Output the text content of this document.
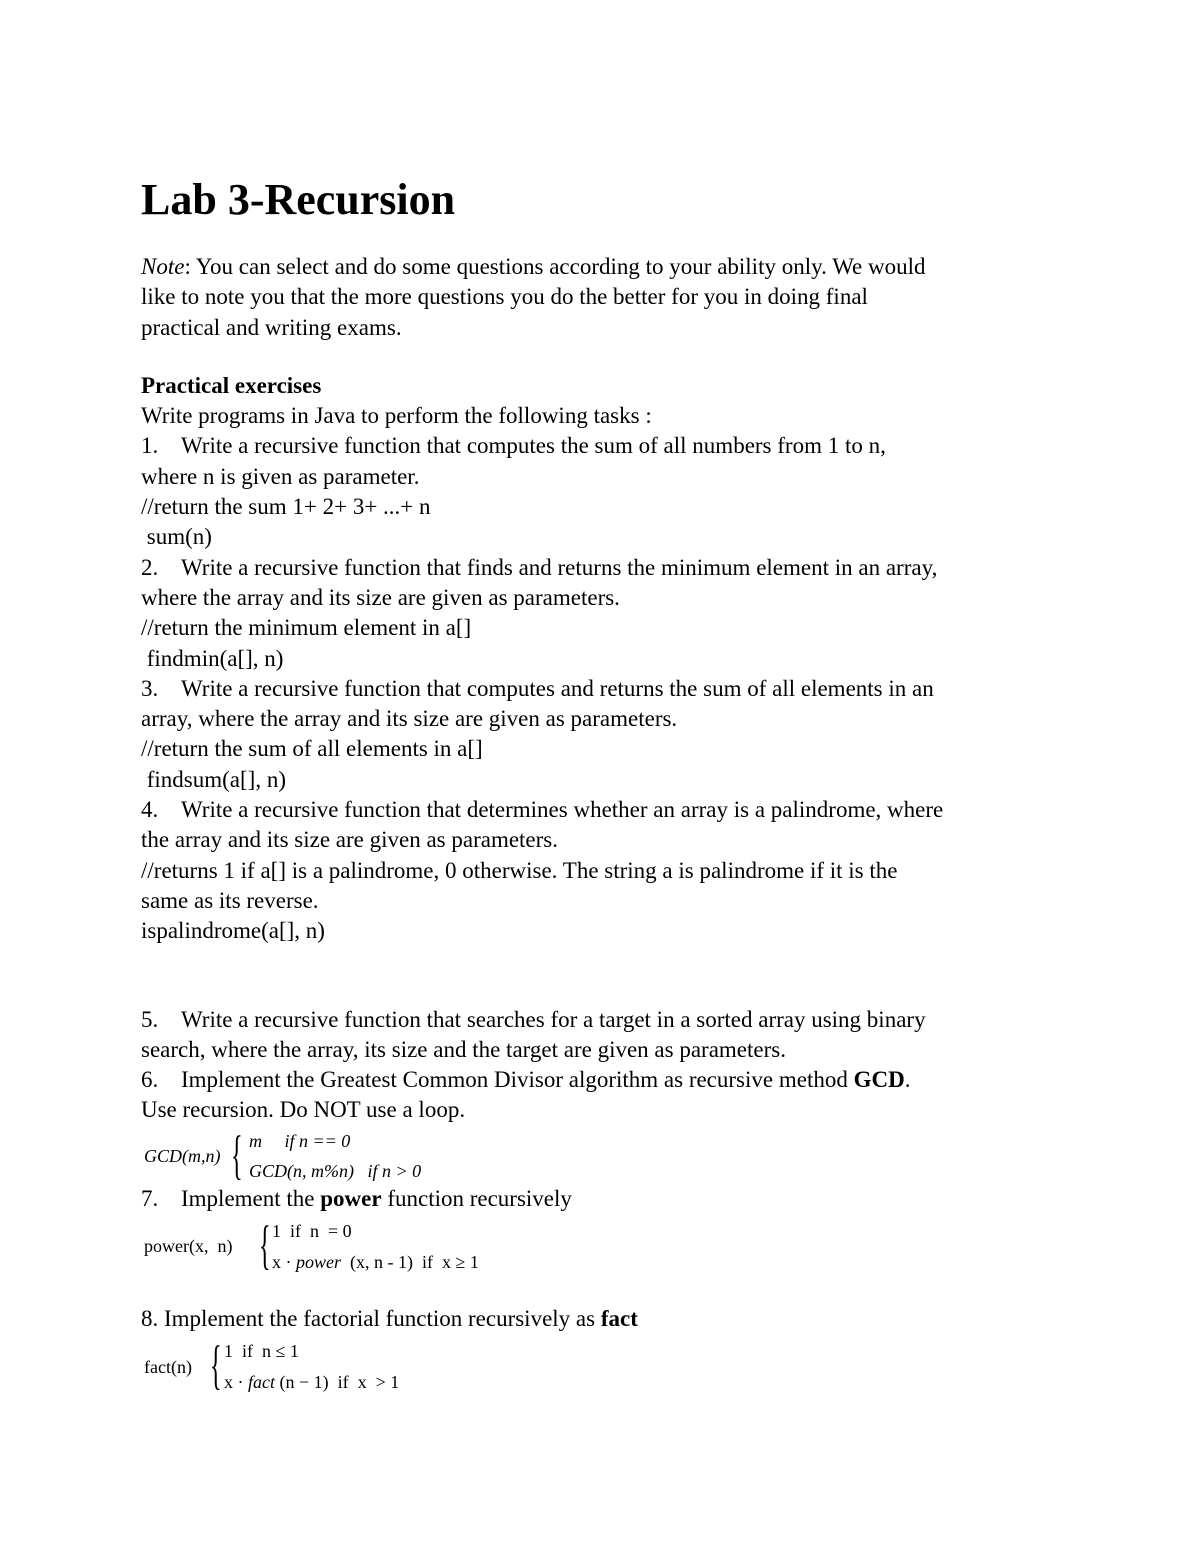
Lab 3-Recursion
Note: You can select and do some questions according to your ability only. We would
like to note you that the more questions you do the better for you in doing final
practical and writing exams.
Practical exercises
Write programs in Java to perform the following tasks :
1. Write a recursive function that computes the sum of all numbers from 1 to n,
where n is given as parameter.
//return the sum 1+ 2+ 3+ ...+ n
sum(n)
2. Write a recursive function that finds and returns the minimum element in an array,
where the array and its size are given as parameters.
//return the minimum element in a[]
findmin(a[], n)
3. Write a recursive function that computes and returns the sum of all elements in an
array, where the array and its size are given as parameters.
//return the sum of all elements in a[]
findsum(a[], n)
4. Write a recursive function that determines whether an array is a palindrome, where
the array and its size are given as parameters.
//returns 1 if a[] is a palindrome, 0 otherwise. The string a is palindrome if it is the
same as its reverse.
ispalindrome(a[], n)
5. Write a recursive function that searches for a target in a sorted array using binary
search, where the array, its size and the target are given as parameters.
6. Implement the Greatest Common Divisor algorithm as recursive method GCD.
Use recursion. Do NOT use a loop.
GCD(m,n) { m     if n == 0
GCD(n, m%n)   if n > 0
7. Implement the power function recursively
power(x,  n) { 1  if  n  = 0
x · power  (x, n - 1)  if  x ≥ 1
8. Implement the factorial function recursively as fact
fact(n) { 1  if  n ≤ 1
x · fact (n − 1)  if  x  > 1
